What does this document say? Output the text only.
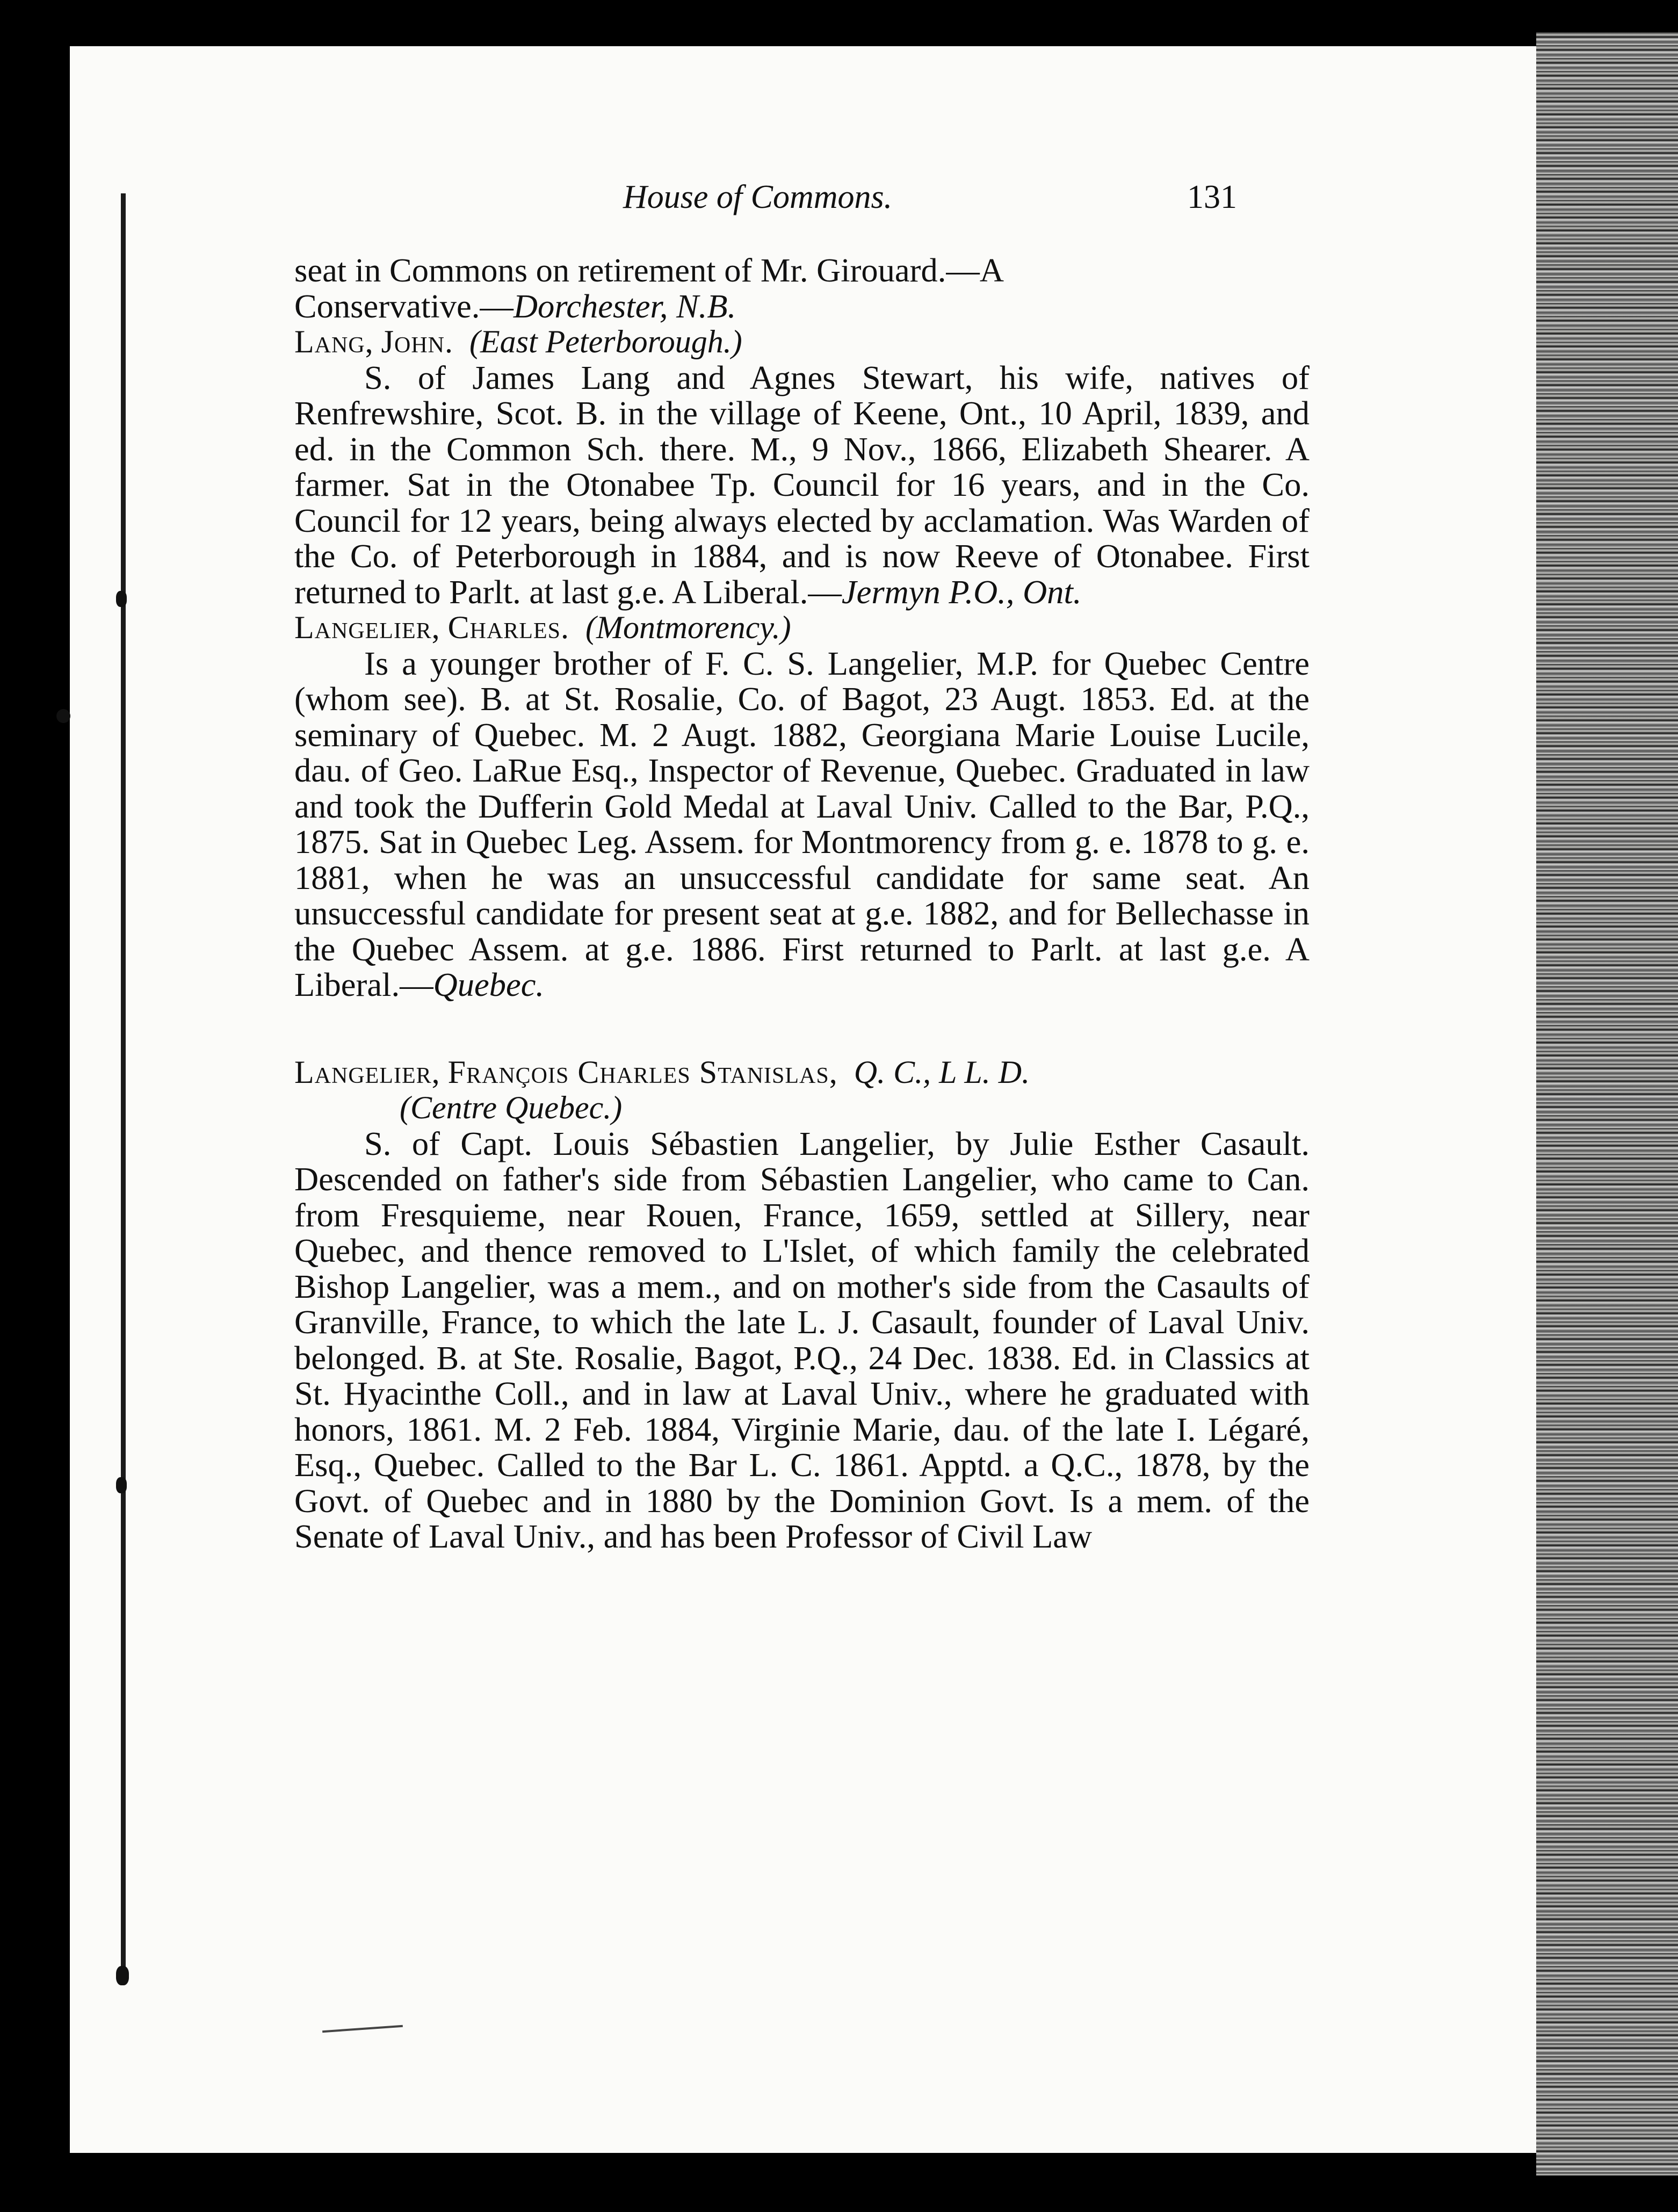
House of Commons.	131

seat in Commons on retirement of Mr. Girouard.—A

Conservative.—Dorchester, N.B.

Lang, John. (East Peterborough.)

S. of James Lang and Agnes Stewart, his wife, natives of Renfrewshire, Scot. B. in the village of Keene, Ont., 10 April, 1839, and ed. in the Common Sch. there. M., 9 Nov., 1866, Elizabeth Shearer. A farmer. Sat in the Otonabee Tp. Council for 16 years, and in the Co. Council for 12 years, being always elected by acclamation. Was Warden of the Co. of Peterborough in 1884, and is now Reeve of Otonabee. First returned to Parlt. at last g.e. A Liberal.—Jermyn P.O., Ont.

Langelier, Charles. (Montmorency.)

Is a younger brother of F. C. S. Langelier, M.P. for Quebec Centre (whom see). B. at St. Rosalie, Co. of Bagot, 23 Augt. 1853. Ed. at the seminary of Quebec. M. 2 Augt. 1882, Georgiana Marie Louise Lucile, dau. of Geo. LaRue Esq., Inspector of Revenue, Quebec. Graduated in law and took the Dufferin Gold Medal at Laval Univ. Called to the Bar, P.Q., 1875. Sat in Quebec Leg. Assem. for Montmorency from g. e. 1878 to g. e. 1881, when he was an unsuccessful candidate for same seat. An unsuccessful candidate for present seat at g.e. 1882, and for Bellechasse in the Quebec Assem. at g.e. 1886. First returned to Parlt. at last g.e. A Liberal.—Quebec.

Langelier, François Charles Stanislas, Q. C., L L. D.

(Centre Quebec.)

S. of Capt. Louis Sébastien Langelier, by Julie Esther Casault. Descended on father's side from Sébastien Langelier, who came to Can. from Fresquieme, near Rouen, France, 1659, settled at Sillery, near Quebec, and thence removed to L'Islet, of which family the celebrated Bishop Langelier, was a mem., and on mother's side from the Casaults of Granville, France, to which the late L. J. Casault, founder of Laval Univ. belonged. B. at Ste. Rosalie, Bagot, P.Q., 24 Dec. 1838. Ed. in Classics at St. Hyacinthe Coll., and in law at Laval Univ., where he graduated with honors, 1861. M. 2 Feb. 1884, Virginie Marie, dau. of the late I. Légaré, Esq., Quebec. Called to the Bar L. C. 1861. Apptd. a Q.C., 1878, by the Govt. of Quebec and in 1880 by the Dominion Govt. Is a mem. of the Senate of Laval Univ., and has been Professor of Civil Law
